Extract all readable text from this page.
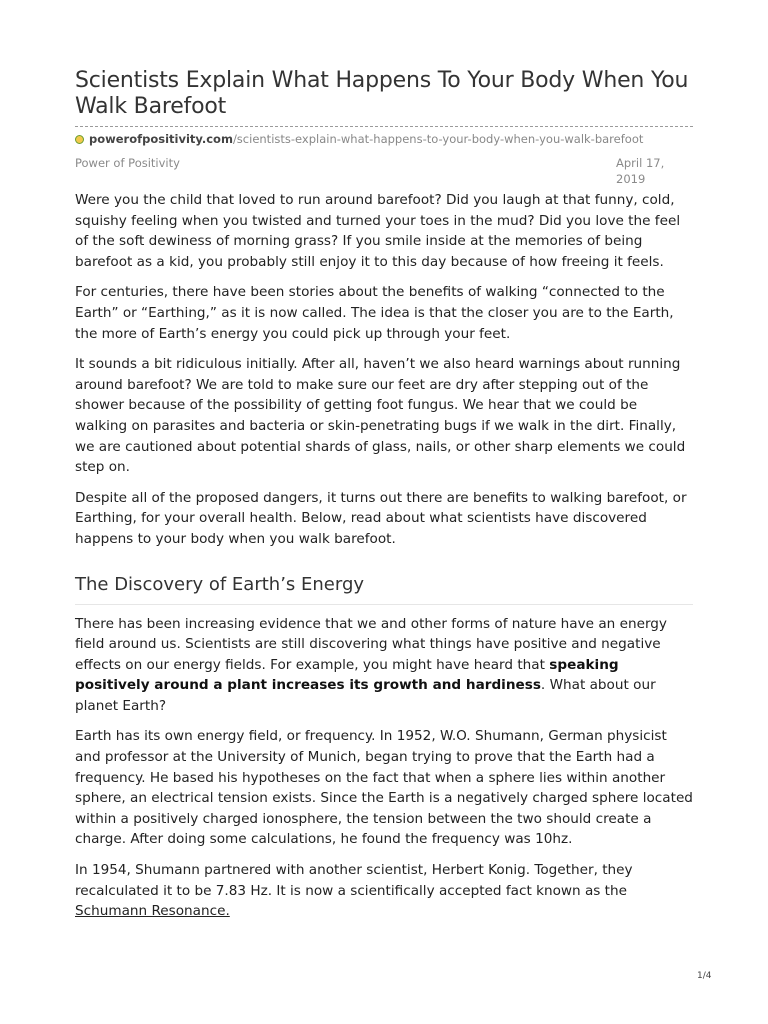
Scientists Explain What Happens To Your Body When You Walk Barefoot
powerofpositivity.com/scientists-explain-what-happens-to-your-body-when-you-walk-barefoot
Power of Positivity	April 17, 2019

Were you the child that loved to run around barefoot? Did you laugh at that funny, cold, squishy feeling when you twisted and turned your toes in the mud? Did you love the feel of the soft dewiness of morning grass? If you smile inside at the memories of being barefoot as a kid, you probably still enjoy it to this day because of how freeing it feels.

For centuries, there have been stories about the benefits of walking “connected to the Earth” or “Earthing,” as it is now called. The idea is that the closer you are to the Earth, the more of Earth’s energy you could pick up through your feet.

It sounds a bit ridiculous initially. After all, haven’t we also heard warnings about running around barefoot? We are told to make sure our feet are dry after stepping out of the shower because of the possibility of getting foot fungus. We hear that we could be walking on parasites and bacteria or skin-penetrating bugs if we walk in the dirt. Finally, we are cautioned about potential shards of glass, nails, or other sharp elements we could step on.

Despite all of the proposed dangers, it turns out there are benefits to walking barefoot, or Earthing, for your overall health. Below, read about what scientists have discovered happens to your body when you walk barefoot.

The Discovery of Earth’s Energy

There has been increasing evidence that we and other forms of nature have an energy field around us. Scientists are still discovering what things have positive and negative effects on our energy fields. For example, you might have heard that speaking positively around a plant increases its growth and hardiness. What about our planet Earth?

Earth has its own energy field, or frequency. In 1952, W.O. Shumann, German physicist and professor at the University of Munich, began trying to prove that the Earth had a frequency. He based his hypotheses on the fact that when a sphere lies within another sphere, an electrical tension exists. Since the Earth is a negatively charged sphere located within a positively charged ionosphere, the tension between the two should create a charge. After doing some calculations, he found the frequency was 10hz.

In 1954, Shumann partnered with another scientist, Herbert Konig. Together, they recalculated it to be 7.83 Hz. It is now a scientifically accepted fact known as the Schumann Resonance.

1/4
